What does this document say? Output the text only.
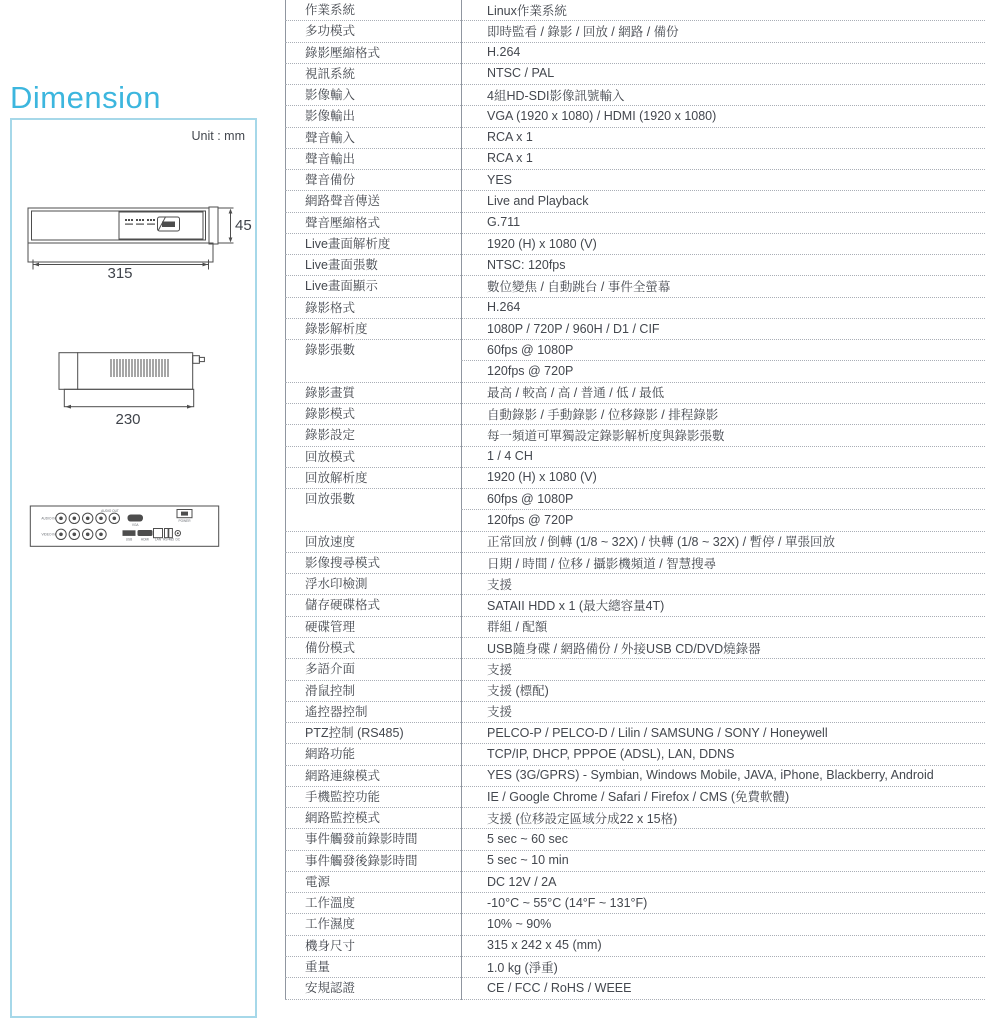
Dimension
Unit : mm
45
315
230
AUDIO IN
AUDIO OUT
VIDEO IN
VGA
POWER
USB	HDMI LAN RS-485 DC
作業系統	Linux作業系統
多功模式	即時監看 / 錄影 / 回放 / 網路 / 備份
錄影壓縮格式	H.264
視訊系統	NTSC / PAL
影像輸入	4組HD-SDI影像訊號輸入
影像輸出	VGA (1920 x 1080) / HDMI (1920 x 1080)
聲音輸入	RCA x 1
聲音輸出	RCA x 1
聲音備份	YES
網路聲音傳送	Live and Playback
聲音壓縮格式	G.711
Live畫面解析度	1920 (H) x 1080 (V)
Live畫面張數	NTSC: 120fps
Live畫面顯示	數位變焦 / 自動跳台 / 事件全螢幕
錄影格式	H.264
錄影解析度	1080P / 720P / 960H / D1 / CIF
錄影張數	60fps @ 1080P
120fps @ 720P
錄影畫質	最高 / 較高 / 高 / 普通 / 低 / 最低
錄影模式	自動錄影 / 手動錄影 / 位移錄影 / 排程錄影
錄影設定	每一頻道可單獨設定錄影解析度與錄影張數
回放模式	1 / 4 CH
回放解析度	1920 (H) x 1080 (V)
回放張數	60fps @ 1080P
120fps @ 720P
回放速度	正常回放 / 倒轉 (1/8 ~ 32X) / 快轉 (1/8 ~ 32X) / 暫停 / 單張回放
影像搜尋模式	日期 / 時間 / 位移 / 攝影機頻道 / 智慧搜尋
浮水印檢測	支援
儲存硬碟格式	SATAII HDD x 1 (最大總容量4T)
硬碟管理	群組 / 配額
備份模式	USB隨身碟 / 網路備份 / 外接USB CD/DVD燒錄器
多語介面	支援
滑鼠控制	支援 (標配)
遙控器控制	支援
PTZ控制 (RS485)	PELCO-P / PELCO-D / Lilin / SAMSUNG / SONY / Honeywell
網路功能	TCP/IP, DHCP, PPPOE (ADSL), LAN, DDNS
網路連線模式	YES (3G/GPRS) - Symbian, Windows Mobile, JAVA, iPhone, Blackberry, Android
手機監控功能	IE / Google Chrome / Safari / Firefox / CMS (免費軟體)
網路監控模式	支援 (位移設定區域分成22 x 15格)
事件觸發前錄影時間	5 sec ~ 60 sec
事件觸發後錄影時間	5 sec ~ 10 min
電源	DC 12V / 2A
工作溫度	-10°C ~ 55°C (14°F ~ 131°F)
工作濕度	10% ~ 90%
機身尺寸	315 x 242 x 45 (mm)
重量	1.0 kg (淨重)
安規認證	CE / FCC / RoHS / WEEE
